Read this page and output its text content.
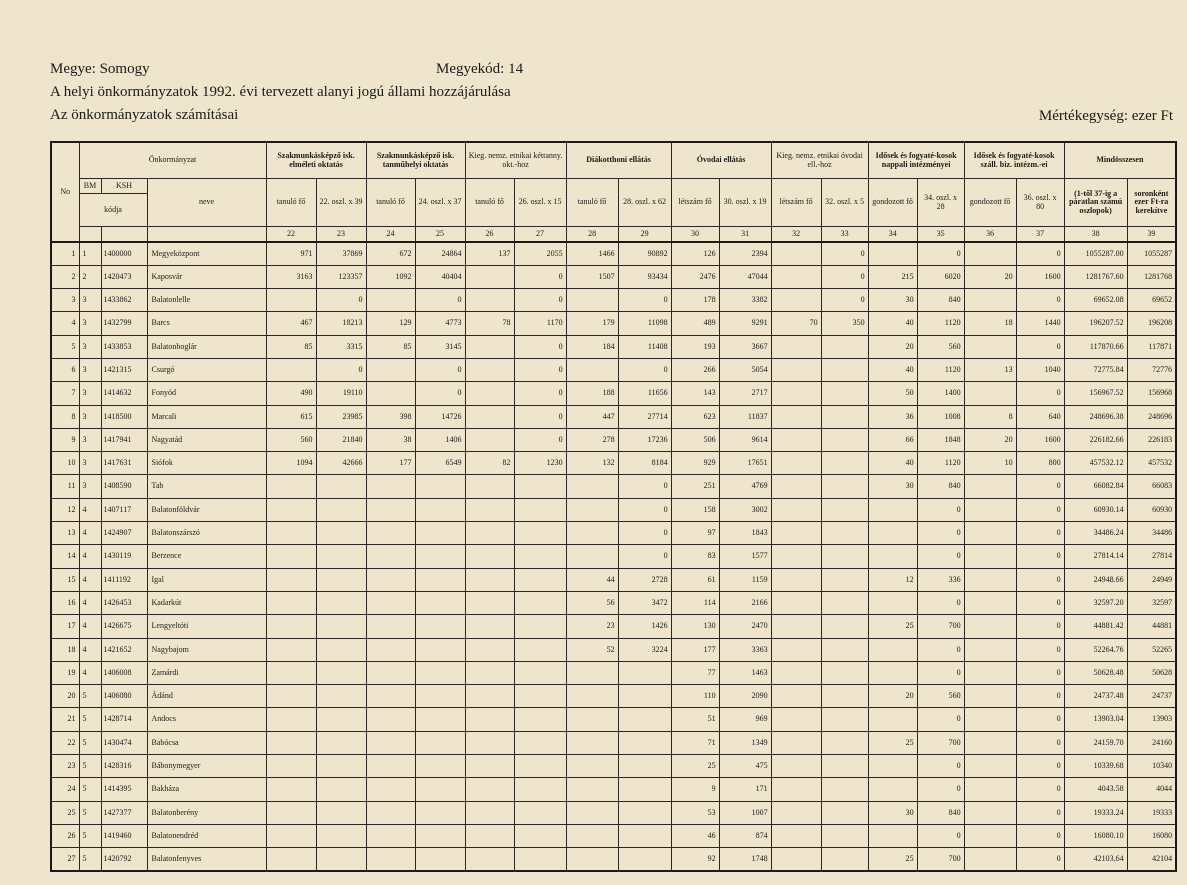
Megye: Somogy	Megyekód: 14
A helyi önkormányzatok 1992. évi tervezett alanyi jogú állami hozzájárulása
Az önkormányzatok számításai	Mértékegység: ezer Ft
No	Önkormányzat			Szakmunkásképző isk. elméleti oktatás		Szakmunkásképző isk. tanműhelyi oktatás		Kieg. nemz. etnikai kéttanny. okt.-hoz		Diákotthoni ellátás		Óvodai ellátás		Kieg. nemz. etnikai óvodai ell.-hoz		Idősek és fogyaté-kosok nappali intézményei		Idősek és fogyaté-kosok száll. biz. intézm.-ei		Mindösszesen	
	BM	KSH	neve	tanuló fő	22. oszl. x 39	tanuló fő	24. oszl. x 37	tanuló fő	26. oszl. x 15	tanuló fő	28. oszl. x 62	létszám fő	30. oszl. x 19	létszám fő	32. oszl. x 5	gondozott fő	34. oszl. x 28	gondozott fő	36. oszl. x 80	(1-től 37-ig a páratlan számú oszlopok)	soronként ezer Ft-ra kerekítve
	kódja																				
				22	23	24	25	26	27	28	29	30	31	32	33	34	35	36	37	38	39
1	1	1400000	Megyeközpont	971	37869	672	24864	137	2055	1466	90892	126	2394		0		0		0	1055287.00	1055287
2	2	1420473	Kaposvár	3163	123357	1092	40404		0	1507	93434	2476	47044		0	215	6020	20	1600	1281767.60	1281768
3	3	1433862	Balatonlelle		0		0		0		0	178	3382		0	30	840		0	69652.08	69652
4	3	1432799	Barcs	467	18213	129	4773	78	1170	179	11098	489	9291	70	350	40	1120	18	1440	196207.52	196208
5	3	1433853	Balatonboglár	85	3315	85	3145		0	184	11408	193	3667			20	560		0	117870.66	117871
6	3	1421315	Csurgó		0		0		0		0	266	5054			40	1120	13	1040	72775.84	72776
7	3	1414632	Fonyód	490	19110		0		0	188	11656	143	2717			50	1400		0	156967.52	156968
8	3	1418500	Marcali	615	23985	398	14726		0	447	27714	623	11837			36	1008	8	640	248696.38	248696
9	3	1417941	Nagyatád	560	21840	38	1406		0	278	17236	506	9614			66	1848	20	1600	226182.66	226183
10	3	1417631	Siófok	1094	42666	177	6549	82	1230	132	8184	929	17651			40	1120	10	800	457532.12	457532
11	3	1408590	Tab								0	251	4769			30	840		0	66082.84	66083
12	4	1407117	Balatonföldvár								0	158	3002				0		0	60930.14	60930
13	4	1424907	Balatonszárszó								0	97	1843				0		0	34486.24	34486
14	4	1430119	Berzence								0	83	1577				0		0	27814.14	27814
15	4	1411192	Igal							44	2728	61	1159			12	336		0	24948.66	24949
16	4	1426453	Kadarkút							56	3472	114	2166				0		0	32597.20	32597
17	4	1426675	Lengyeltóti							23	1426	130	2470			25	700		0	44881.42	44881
18	4	1421652	Nagybajom							52	3224	177	3363				0		0	52264.76	52265
19	4	1406008	Zamárdi									77	1463				0		0	50628.48	50628
20	5	1406080	Ádánd									110	2090			20	560		0	24737.48	24737
21	5	1428714	Andocs									51	969				0		0	13903.04	13903
22	5	1430474	Babócsa									71	1349			25	700		0	24159.70	24160
23	5	1428316	Bábonymegyer									25	475				0		0	10339.68	10340
24	5	1414395	Bakháza									9	171				0		0	4043.58	4044
25	5	1427377	Balatonberény									53	1007			30	840		0	19333.24	19333
26	5	1419460	Balatonendréd									46	874				0		0	16080.10	16080
27	5	1420792	Balatonfenyves									92	1748			25	700		0	42103.64	42104
